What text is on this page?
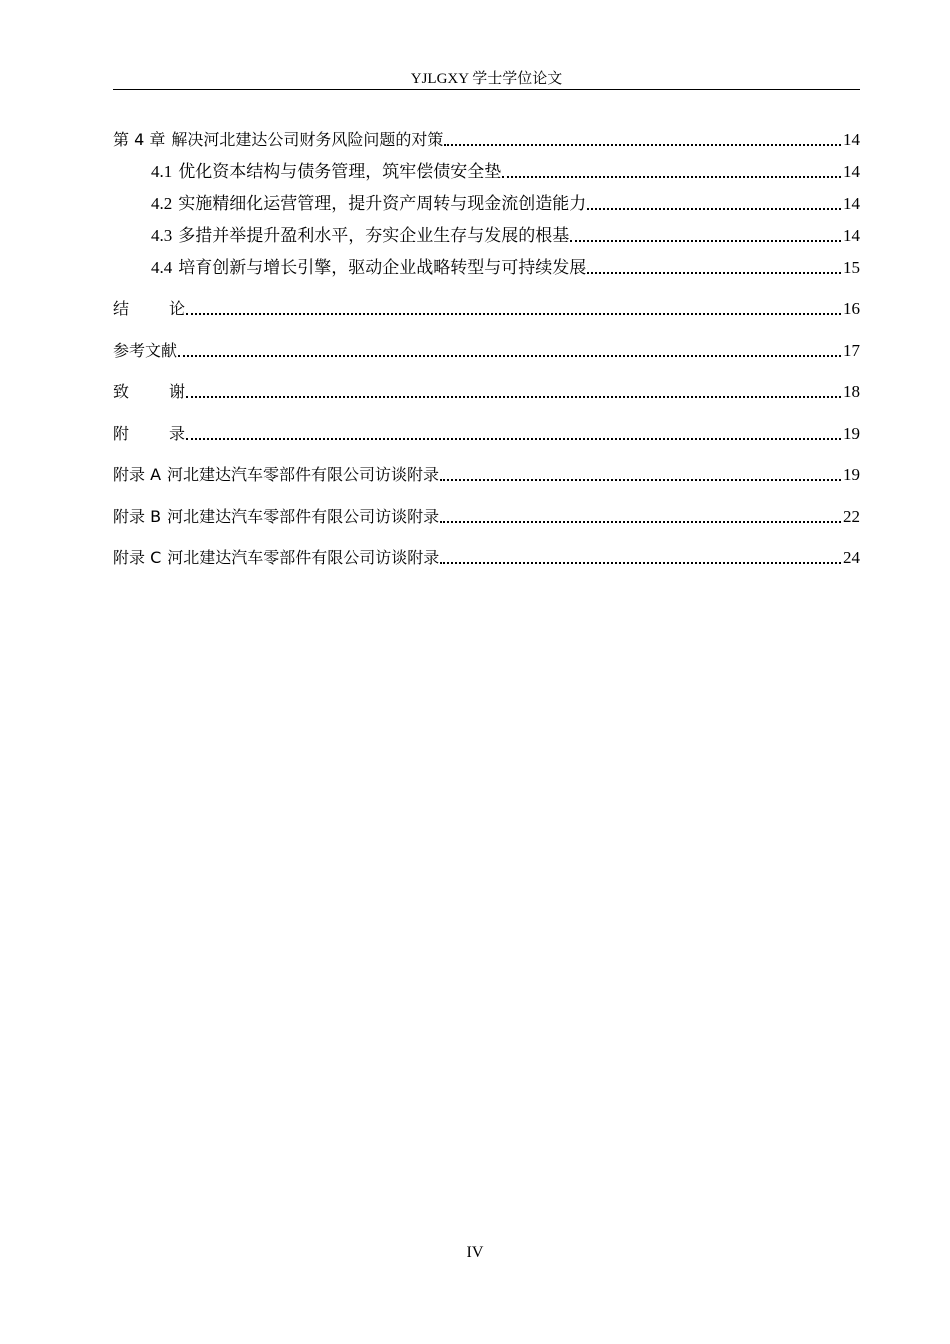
YJLGXY 学士学位论文
第 4 章 解决河北建达公司财务风险问题的对策	14
4.1 优化资本结构与债务管理，筑牢偿债安全垫	14
4.2 实施精细化运营管理，提升资产周转与现金流创造能力	14
4.3 多措并举提升盈利水平，夯实企业生存与发展的根基	14
4.4 培育创新与增长引擎，驱动企业战略转型与可持续发展	15
结	论	16
参考文献	17
致	谢	18
附	录	19
附录 A 河北建达汽车零部件有限公司访谈附录	19
附录 B 河北建达汽车零部件有限公司访谈附录	22
附录 C 河北建达汽车零部件有限公司访谈附录	24
IV
